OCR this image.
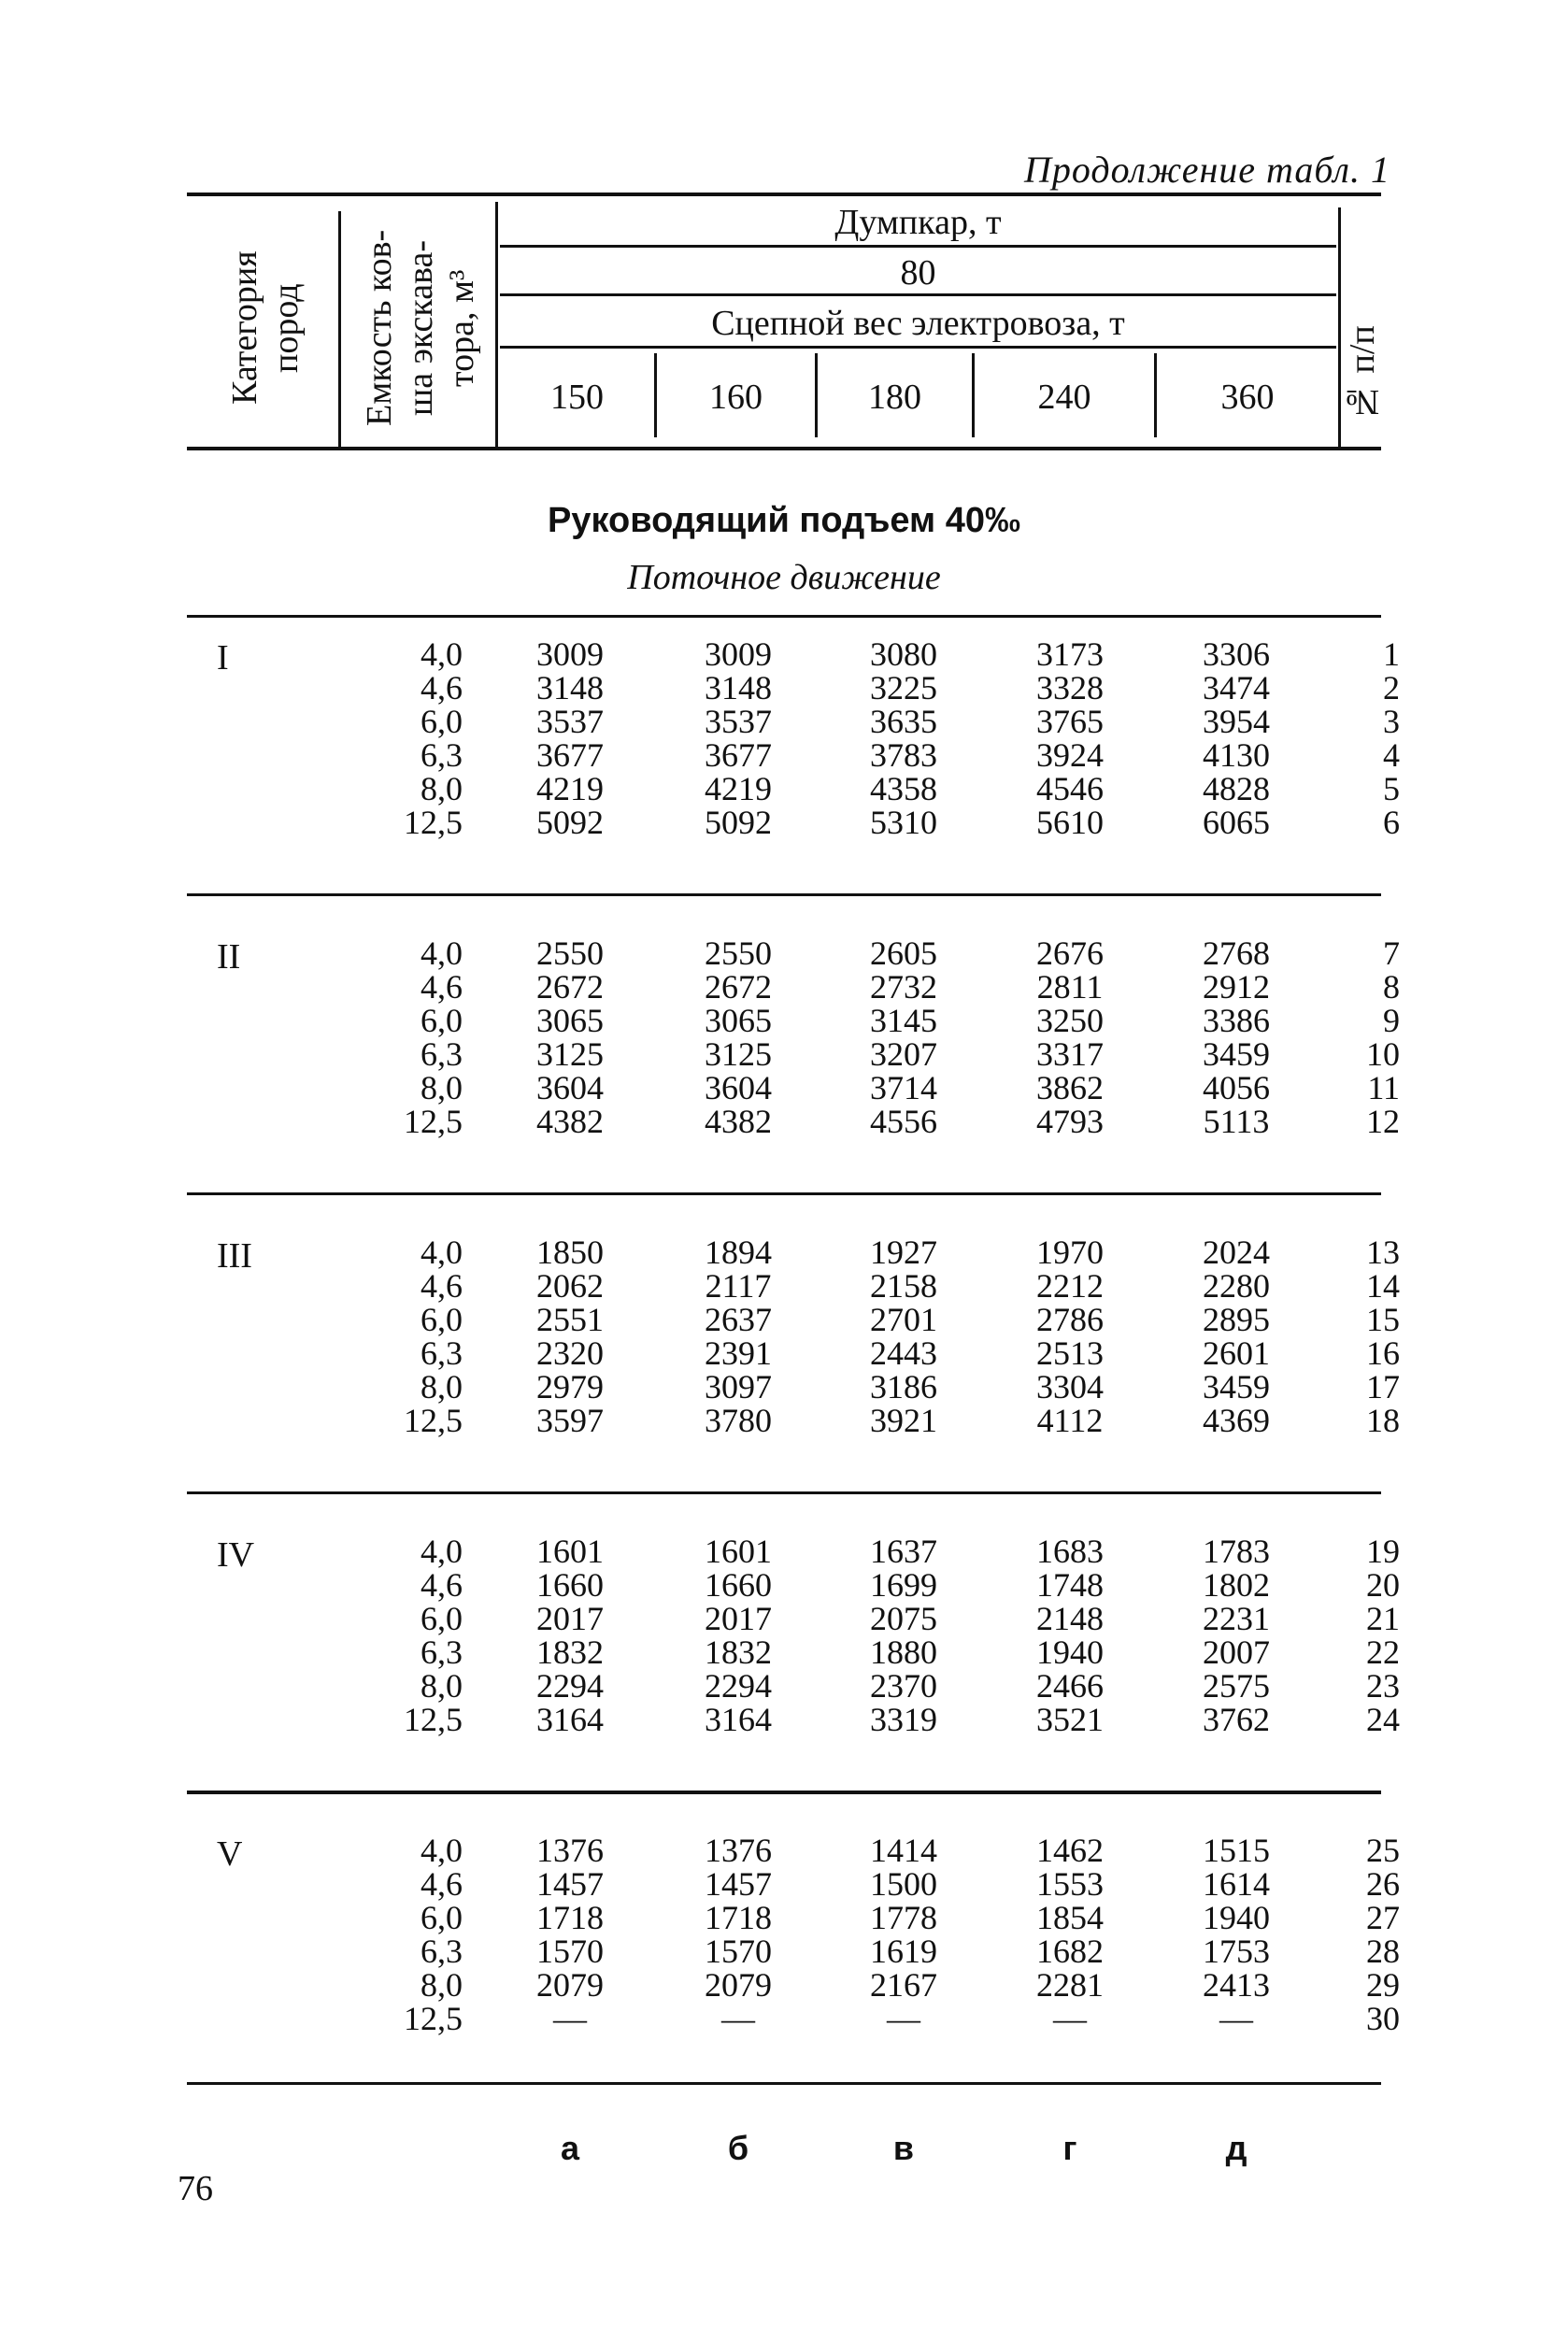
Продолжение табл. 1
Категория пород Емкость ков-ша экскава-тора, м³
Думпкар, т
80
Сцепной вес электровоза, т
150	160	180	240	360	№ п/п
Руководящий подъем 40‰
Поточное движение
I	4,0	3009	3009	3080	3173	3306	1
4,6	3148	3148	3225	3328	3474	2
6,0	3537	3537	3635	3765	3954	3
6,3	3677	3677	3783	3924	4130	4
8,0	4219	4219	4358	4546	4828	5
12,5	5092	5092	5310	5610	6065	6
II	4,0	2550	2550	2605	2676	2768	7
4,6	2672	2672	2732	2811	2912	8
6,0	3065	3065	3145	3250	3386	9
6,3	3125	3125	3207	3317	3459	10
8,0	3604	3604	3714	3862	4056	11
12,5	4382	4382	4556	4793	5113	12
III	4,0	1850	1894	1927	1970	2024	13
4,6	2062	2117	2158	2212	2280	14
6,0	2551	2637	2701	2786	2895	15
6,3	2320	2391	2443	2513	2601	16
8,0	2979	3097	3186	3304	3459	17
12,5	3597	3780	3921	4112	4369	18
IV	4,0	1601	1601	1637	1683	1783	19
4,6	1660	1660	1699	1748	1802	20
6,0	2017	2017	2075	2148	2231	21
6,3	1832	1832	1880	1940	2007	22
8,0	2294	2294	2370	2466	2575	23
12,5	3164	3164	3319	3521	3762	24
V	4,0	1376	1376	1414	1462	1515	25
4,6	1457	1457	1500	1553	1614	26
6,0	1718	1718	1778	1854	1940	27
6,3	1570	1570	1619	1682	1753	28
8,0	2079	2079	2167	2281	2413	29
12,5	—	—	—	—	—	30
а	б	в	г	д
76
